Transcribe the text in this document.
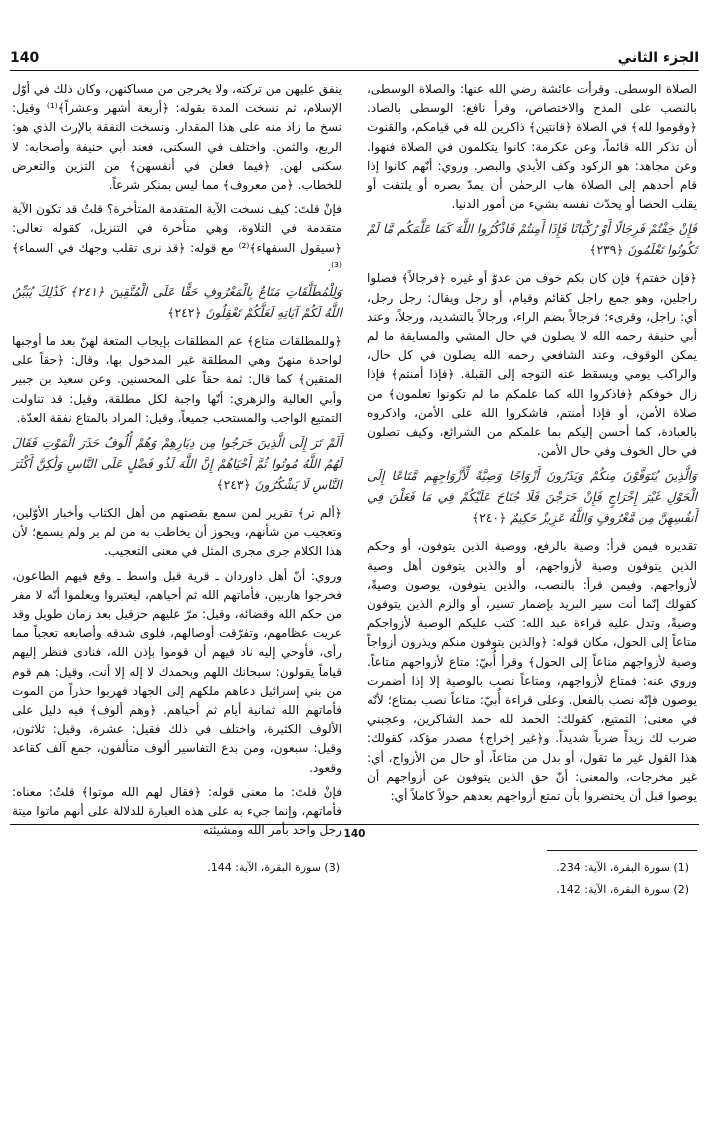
140	الجزء الثاني

الصلاة الوسطى. وقرأت عائشة رضي الله عنها: والصلاة الوسطى، بالنصب على المدح والاختصاص، وقرأ نافع: الوسطى بالصاد. ﴿وقوموا لله﴾ في الصلاة ﴿قانتين﴾ ذاكرين لله في قيامكم، والقنوت أن تذكر الله قائماً، وعن عكرمة: كانوا يتكلمون في الصلاة فنهوا. وعن مجاهد: هو الركود وكف الأيدي والبصر. وروي: أنّهم كانوا إذا قام أحدهم إلى الصلاة هاب الرحمٰن أن يمدّ بصره أو يلتفت أو يقلب الحصا أو يحدّث نفسه بشيء من أمور الدنيا.

فَإِنْ خِفْتُمْ فَرِجَالًا أَوْ رُكْبَانًا فَإِذَا أَمِنتُمْ فَاذْكُرُوا اللَّهَ كَمَا عَلَّمَكُم مَّا لَمْ تَكُونُوا تَعْلَمُونَ ﴿٢٣٩﴾

﴿فإن خفتم﴾ فإن كان بكم خوف من عدوّ أو غيره ﴿فرجالاً﴾ فصلوا راجلين، وهو جمع راجل كقائم وقيام، أو رجل ويقال: رجل رجل، أي: راجل، وقرىء: فرجالاً بضم الراء، ورجالاً بالتشديد، ورجلاً، وعند أبي حنيفة رحمه الله لا يصلون في حال المشي والمسايفة ما لم يمكن الوقوف، وعند الشافعي رحمه الله يصلون في كل حال، والراكب يومي ويسقط عنه التوجه إلى القبلة. ﴿فإذا أمنتم﴾ فإذا زال خوفكم ﴿فاذكروا الله كما علمكم ما لم تكونوا تعلمون﴾ من صلاة الأمن، أو فإذا أمنتم، فاشكروا الله على الأمن، واذكروه بالعبادة، كما أحسن إليكم بما علمكم من الشرائع، وكيف تصلون في حال الخوف وفي حال الأمن.

وَالَّذِينَ يُتَوَفَّوْنَ مِنكُمْ وَيَذَرُونَ أَزْوَاجًا وَصِيَّةً لِّأَزْوَاجِهِم مَّتَاعًا إِلَى الْحَوْلِ غَيْرَ إِخْرَاجٍ فَإِنْ خَرَجْنَ فَلَا جُنَاحَ عَلَيْكُمْ فِي مَا فَعَلْنَ فِي أَنفُسِهِنَّ مِن مَّعْرُوفٍ وَاللَّهُ عَزِيزٌ حَكِيمٌ ﴿٢٤٠﴾

تقديره فيمن قرأ: وصية بالرفع، ووصية الذين يتوفون، أو وحكم الذين يتوفون وصية لأزواجهم، أو والذين يتوفون أهل وصية لأزواجهم. وفيمن قرأ: بالنصب، والذين يتوفون، يوصون وصيةً، كقولك إنّما أنت سير البريد بإضمار تسير، أو والزم الذين يتوفون وصيةً، وتدل عليه قراءة عبد الله: كتب عليكم الوصية لأزواجكم متاعاً إلى الحول، مكان قوله: ﴿والذين يتوفون منكم ويذرون أزواجاً وصية لأزواجهم متاعاً إلى الحول﴾ وقرأ أُبيّ: متاع لأزواجهم متاعاً. وروي عنه: فمتاع لأزواجهم، ومتاعاً نصب بالوصية إلا إذا أضمرت يوصون فإنّه نصب بالفعل. وعلى قراءة أُبيّ: متاعاً نصب بمتاع؛ لأنّه في معنى: التمتيع، كقولك: الحمد لله حمد الشاكرين، وعجبني ضرب لك زيداً ضرباً شديداً. و﴿غير إخراج﴾ مصدر مؤكد، كقولك: هذا القول غير ما تقول، أو بدل من متاعاً، أو حال من الأزواج، أي: غير مخرجات، والمعنى: أنّ حق الذين يتوفون عن أزواجهم أن يوصوا قبل أن يحتضروا بأن تمتع أزواجهم بعدهم حولاً كاملاً أي:

ينفق عليهن من تركته، ولا يخرجن من مساكنهن، وكان ذلك في أوّل الإسلام، ثم نسخت المدة بقوله: ﴿أربعة أشهر وعشراً﴾⁽¹⁾ وقيل: نسخ ما زاد منه على هذا المقدار. ونسخت النفقة بالإرث الذي هو: الربع، والثمن. واختلف في السكنى، فعند أبي حنيفة وأصحابه: لا سكنى لهن. ﴿فيما فعلن في أنفسهن﴾ من التزين والتعرض للخطاب. ﴿من معروف﴾ مما ليس بمنكر شرعاً.

فإنْ قلتَ: كيف نسخت الآية المتقدمة المتأخرة؟ قلتُ قد تكون الآية متقدمة في التلاوة، وهي متأخرة في التنزيل، كقوله تعالى: ﴿سيقول السفهاء﴾⁽²⁾ مع قوله: ﴿قد نرى تقلب وجهك في السماء﴾⁽³⁾.

وَلِلْمُطَلَّقَاتِ مَتَاعٌ بِالْمَعْرُوفِ حَقًّا عَلَى الْمُتَّقِينَ ﴿٢٤١﴾ كَذَٰلِكَ يُبَيِّنُ اللَّهُ لَكُمْ آيَاتِهِ لَعَلَّكُمْ تَعْقِلُونَ ﴿٢٤٢﴾

﴿وللمطلقات متاع﴾ عم المطلقات بإيجاب المتعة لهنّ بعد ما أوجبها لواحدة منهنّ وهي المطلقة غير المدخول بها، وقال: ﴿حقاً على المتقين﴾ كما قال: ثمة حقاً على المحسنين. وعن سعيد بن جبير وأبي العالية والزهري: أنّها واجبة لكل مطلقة، وقيل: قد تناولت التمتيع الواجب والمستحب جميعاً، وقيل: المراد بالمتاع نفقة العدّة.

أَلَمْ تَرَ إِلَى الَّذِينَ خَرَجُوا مِن دِيَارِهِمْ وَهُمْ أُلُوفٌ حَذَرَ الْمَوْتِ فَقَالَ لَهُمُ اللَّهُ مُوتُوا ثُمَّ أَحْيَاهُمْ إِنَّ اللَّهَ لَذُو فَضْلٍ عَلَى النَّاسِ وَلَٰكِنَّ أَكْثَرَ النَّاسِ لَا يَشْكُرُونَ ﴿٢٤٣﴾

﴿ألم تر﴾ تقرير لمن سمع بقصتهم من أهل الكتاب وأخبار الأوّلين، وتعجيب من شأنهم، ويجوز أن يخاطب به من لم ير ولم يسمع؛ لأن هذا الكلام جرى مجرى المثل في معنى التعجيب.

وروي: أنّ أهل داوردان ـ قرية قبل واسط ـ وقع فيهم الطاعون، فخرجوا هاربين، فأماتهم الله ثم أحياهم، ليعتبروا ويعلموا أنّه لا مفر من حكم الله وقضائه، وقيل: مرّ عليهم حزقيل بعد زمان طويل وقد عريت عظامهم، وتفرّقت أوصالهم، فلوى شدقه وأصابعه تعجباً مما رأى، فأوحي إليه ناد فيهم أن قوموا بإذن الله، فنادى فنظر إليهم قياماً يقولون: سبحانك اللهم وبحمدك لا إله إلا أنت، وقيل: هم قوم من بني إسرائيل دعاهم ملكهم إلى الجهاد فهربوا حذراً من الموت فأماتهم الله ثمانية أيام ثم أحياهم. ﴿وهم ألوف﴾ فيه دليل على الألوف الكثيرة، واختلف في ذلك فقيل: عشرة، وقيل: ثلاثون، وقيل: سبعون، ومن بدع التفاسير ألوف متألفون، جمع آلف كقاعد وقعود.

فإنْ قلتَ: ما معنى قوله: ﴿فقال لهم الله موتوا﴾ قلتُ: معناه: فأماتهم، وإنما جيء به على هذه العبارة للدلالة على أنهم ماتوا ميتة رجل واحد بأمر الله ومشيئته 140
(1) سورة البقرة، الآية: 234.
(2) سورة البقرة، الآية: 142.
(3) سورة البقرة، الآية: 144.
